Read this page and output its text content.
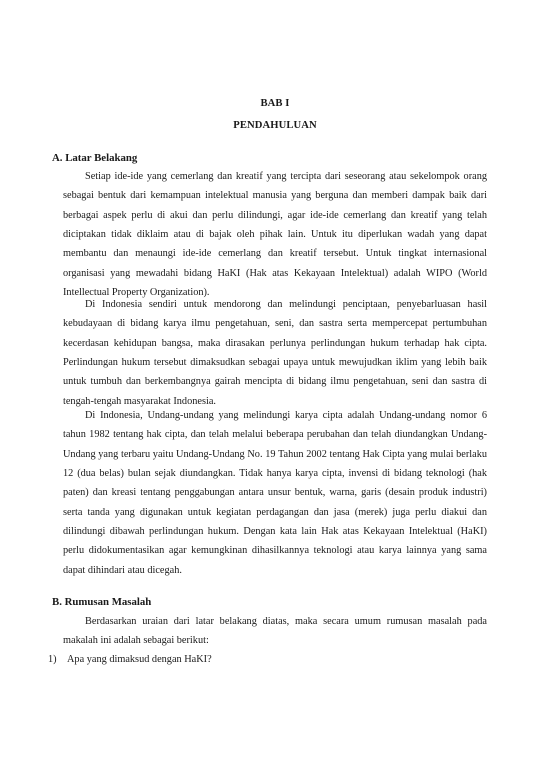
BAB I
PENDAHULUAN
A. Latar Belakang

Setiap ide-ide yang cemerlang dan kreatif yang tercipta dari seseorang atau sekelompok orang sebagai bentuk dari kemampuan intelektual manusia yang berguna dan memberi dampak baik dari berbagai aspek perlu di akui dan perlu dilindungi, agar ide-ide cemerlang dan kreatif yang telah diciptakan tidak diklaim atau di bajak oleh pihak lain. Untuk itu diperlukan wadah yang dapat membantu dan menaungi ide-ide cemerlang dan kreatif tersebut. Untuk tingkat internasional organisasi yang mewadahi bidang HaKI (Hak atas Kekayaan Intelektual) adalah WIPO (World Intellectual Property Organization).

Di Indonesia sendiri untuk mendorong dan melindungi penciptaan, penyebarluasan hasil kebudayaan di bidang karya ilmu pengetahuan, seni, dan sastra serta mempercepat pertumbuhan kecerdasan kehidupan bangsa, maka dirasakan perlunya perlindungan hukum terhadap hak cipta. Perlindungan hukum tersebut dimaksudkan sebagai upaya untuk mewujudkan iklim yang lebih baik untuk tumbuh dan berkembangnya gairah mencipta di bidang ilmu pengetahuan, seni dan sastra di tengah-tengah masyarakat Indonesia.

Di Indonesia, Undang-undang yang melindungi karya cipta adalah Undang-undang nomor 6 tahun 1982 tentang hak cipta, dan telah melalui beberapa perubahan dan telah diundangkan Undang-Undang yang terbaru yaitu Undang-Undang No. 19 Tahun 2002 tentang Hak Cipta yang mulai berlaku 12 (dua belas) bulan sejak diundangkan. Tidak hanya karya cipta, invensi di bidang teknologi (hak paten) dan kreasi tentang penggabungan antara unsur bentuk, warna, garis (desain produk industri) serta tanda yang digunakan untuk kegiatan perdagangan dan jasa (merek) juga perlu diakui dan dilindungi dibawah perlindungan hukum. Dengan kata lain Hak atas Kekayaan Intelektual (HaKI) perlu didokumentasikan agar kemungkinan dihasilkannya teknologi atau karya lainnya yang sama dapat dihindari atau dicegah.

B. Rumusan Masalah

Berdasarkan uraian dari latar belakang diatas, maka secara umum rumusan masalah pada makalah ini adalah sebagai berikut:

1) Apa yang dimaksud dengan HaKI?
